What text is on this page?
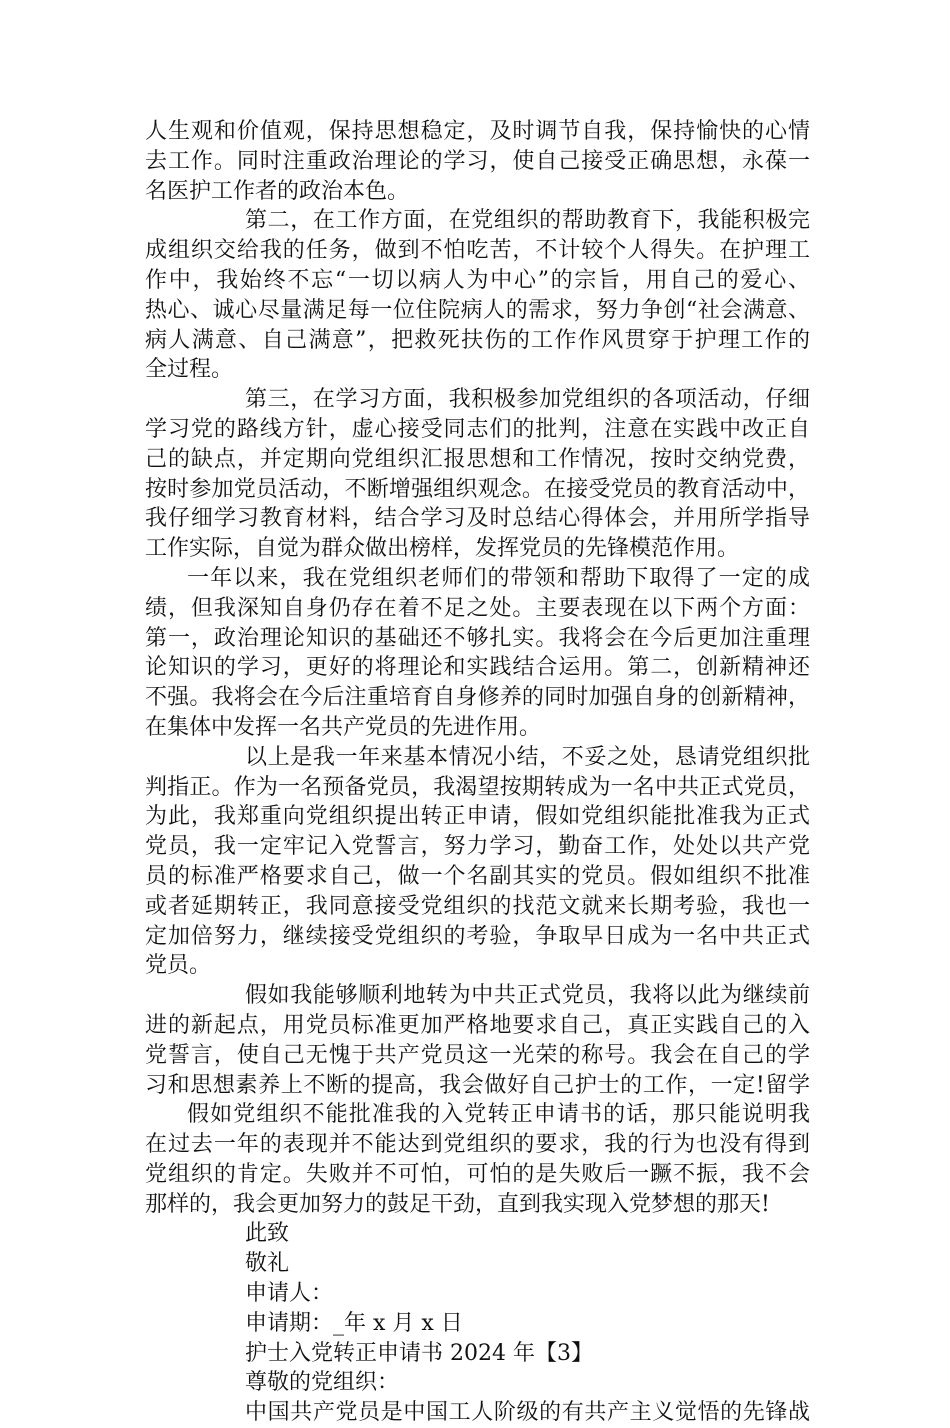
人生观和价值观，保持思想稳定，及时调节自我，保持愉快的心情
去工作。同时注重政治理论的学习，使自己接受正确思想，永葆一
名医护工作者的政治本色。
第二，在工作方面，在党组织的帮助教育下，我能积极完
成组织交给我的任务，做到不怕吃苦，不计较个人得失。在护理工
作中，我始终不忘“一切以病人为中心”的宗旨，用自己的爱心、
热心、诚心尽量满足每一位住院病人的需求，努力争创“社会满意、
病人满意、自己满意”，把救死扶伤的工作作风贯穿于护理工作的
全过程。
第三，在学习方面，我积极参加党组织的各项活动，仔细
学习党的路线方针，虚心接受同志们的批判，注意在实践中改正自
己的缺点，并定期向党组织汇报思想和工作情况，按时交纳党费，
按时参加党员活动，不断增强组织观念。在接受党员的教育活动中，
我仔细学习教育材料，结合学习及时总结心得体会，并用所学指导
工作实际，自觉为群众做出榜样，发挥党员的先锋模范作用。
一年以来，我在党组织老师们的带领和帮助下取得了一定的成
绩，但我深知自身仍存在着不足之处。主要表现在以下两个方面：
第一，政治理论知识的基础还不够扎实。我将会在今后更加注重理
论知识的学习，更好的将理论和实践结合运用。第二，创新精神还
不强。我将会在今后注重培育自身修养的同时加强自身的创新精神，
在集体中发挥一名共产党员的先进作用。
以上是我一年来基本情况小结，不妥之处，恳请党组织批
判指正。作为一名预备党员，我渴望按期转成为一名中共正式党员，
为此，我郑重向党组织提出转正申请，假如党组织能批准我为正式
党员，我一定牢记入党誓言，努力学习，勤奋工作，处处以共产党
员的标准严格要求自己，做一个名副其实的党员。假如组织不批准
或者延期转正，我同意接受党组织的找范文就来长期考验，我也一
定加倍努力，继续接受党组织的考验，争取早日成为一名中共正式
党员。
假如我能够顺利地转为中共正式党员，我将以此为继续前
进的新起点，用党员标准更加严格地要求自己，真正实践自己的入
党誓言，使自己无愧于共产党员这一光荣的称号。我会在自己的学
习和思想素养上不断的提高，我会做好自己护士的工作，一定!留学
假如党组织不能批准我的入党转正申请书的话，那只能说明我
在过去一年的表现并不能达到党组织的要求，我的行为也没有得到
党组织的肯定。失败并不可怕，可怕的是失败后一蹶不振，我不会
那样的，我会更加努力的鼓足干劲，直到我实现入党梦想的那天!
此致
敬礼
申请人：
申请期：_年 x 月 x 日
护士入党转正申请书 2024 年【3】
尊敬的党组织：
中国共产党员是中国工人阶级的有共产主义觉悟的先锋战
